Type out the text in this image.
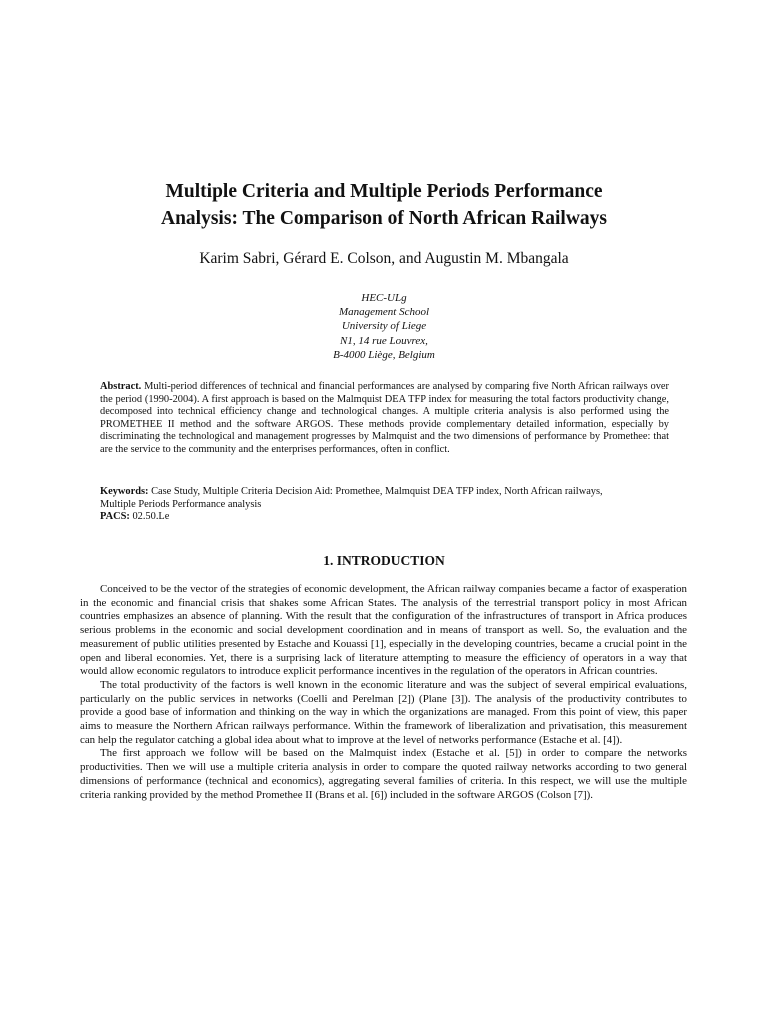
Multiple Criteria and Multiple Periods Performance
Analysis: The Comparison of North African Railways
Karim Sabri, Gérard E. Colson, and Augustin M. Mbangala
HEC-ULg
Management School
University of Liege
N1, 14 rue Louvrex,
B-4000 Liège, Belgium
Abstract. Multi-period differences of technical and financial performances are analysed by comparing five North African railways over the period (1990-2004). A first approach is based on the Malmquist DEA TFP index for measuring the total factors productivity change, decomposed into technical efficiency change and technological changes. A multiple criteria analysis is also performed using the PROMETHEE II method and the software ARGOS. These methods provide complementary detailed information, especially by discriminating the technological and management progresses by Malmquist and the two dimensions of performance by Promethee: that are the service to the community and the enterprises performances, often in conflict.
Keywords: Case Study, Multiple Criteria Decision Aid: Promethee, Malmquist DEA TFP index, North African railways,
Multiple Periods Performance analysis
PACS: 02.50.Le
1. INTRODUCTION

Conceived to be the vector of the strategies of economic development, the African railway companies became a factor of exasperation in the economic and financial crisis that shakes some African States. The analysis of the terrestrial transport policy in most African countries emphasizes an absence of planning. With the result that the configuration of the infrastructures of transport in Africa produces serious problems in the economic and social development coordination and in means of transport as well. So, the evaluation and the measurement of public utilities presented by Estache and Kouassi [1], especially in the developing countries, became a crucial point in the open and liberal economies. Yet, there is a surprising lack of literature attempting to measure the efficiency of operators in a way that would allow economic regulators to introduce explicit performance incentives in the regulation of the operators in African countries.

The total productivity of the factors is well known in the economic literature and was the subject of several empirical evaluations, particularly on the public services in networks (Coelli and Perelman [2]) (Plane [3]). The analysis of the productivity contributes to provide a good base of information and thinking on the way in which the organizations are managed. From this point of view, this paper aims to measure the Northern African railways performance. Within the framework of liberalization and privatisation, this measurement can help the regulator catching a global idea about what to improve at the level of networks performance (Estache et al. [4]).

The first approach we follow will be based on the Malmquist index (Estache et al. [5]) in order to compare the networks productivities. Then we will use a multiple criteria analysis in order to compare the quoted railway networks according to two general dimensions of performance (technical and economics), aggregating several families of criteria. In this respect, we will use the multiple criteria ranking provided by the method Promethee II (Brans et al. [6]) included in the software ARGOS (Colson [7]).
